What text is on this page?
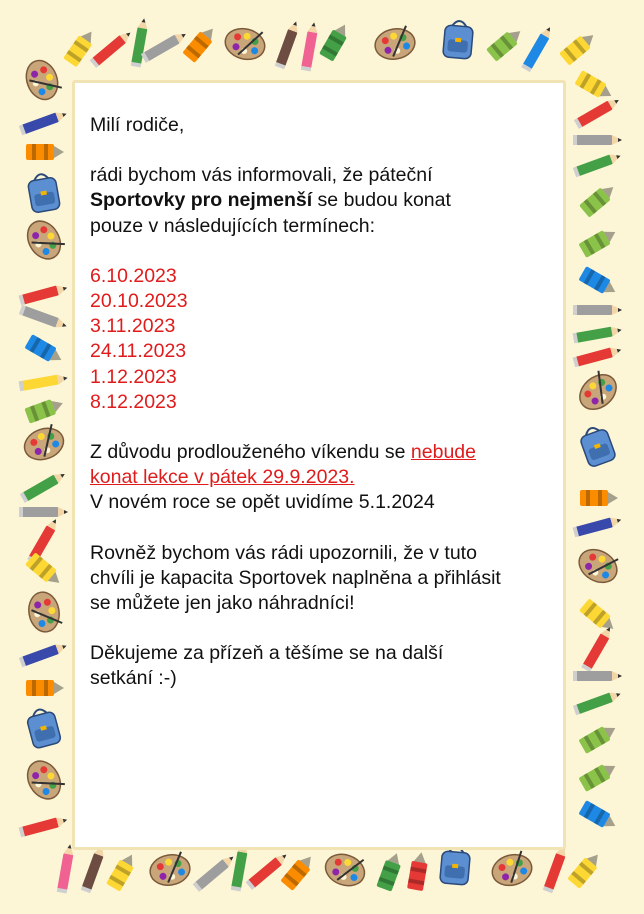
Milí rodiče,

rádi bychom vás informovali, že páteční

Sportovky pro nejmenší se budou konat

pouze v následujících termínech:

6.10.2023

20.10.2023

3.11.2023

24.11.2023

1.12.2023

8.12.2023

Z důvodu prodlouženého víkendu se nebude

konat lekce v pátek 29.9.2023.

V novém roce se opět uvidíme 5.1.2024

Rovněž bychom vás rádi upozornili, že v tuto

chvíli je kapacita Sportovek naplněna a přihlásit

se můžete jen jako náhradníci!

Děkujeme za přízeň a těšíme se na další

setkání :-)
